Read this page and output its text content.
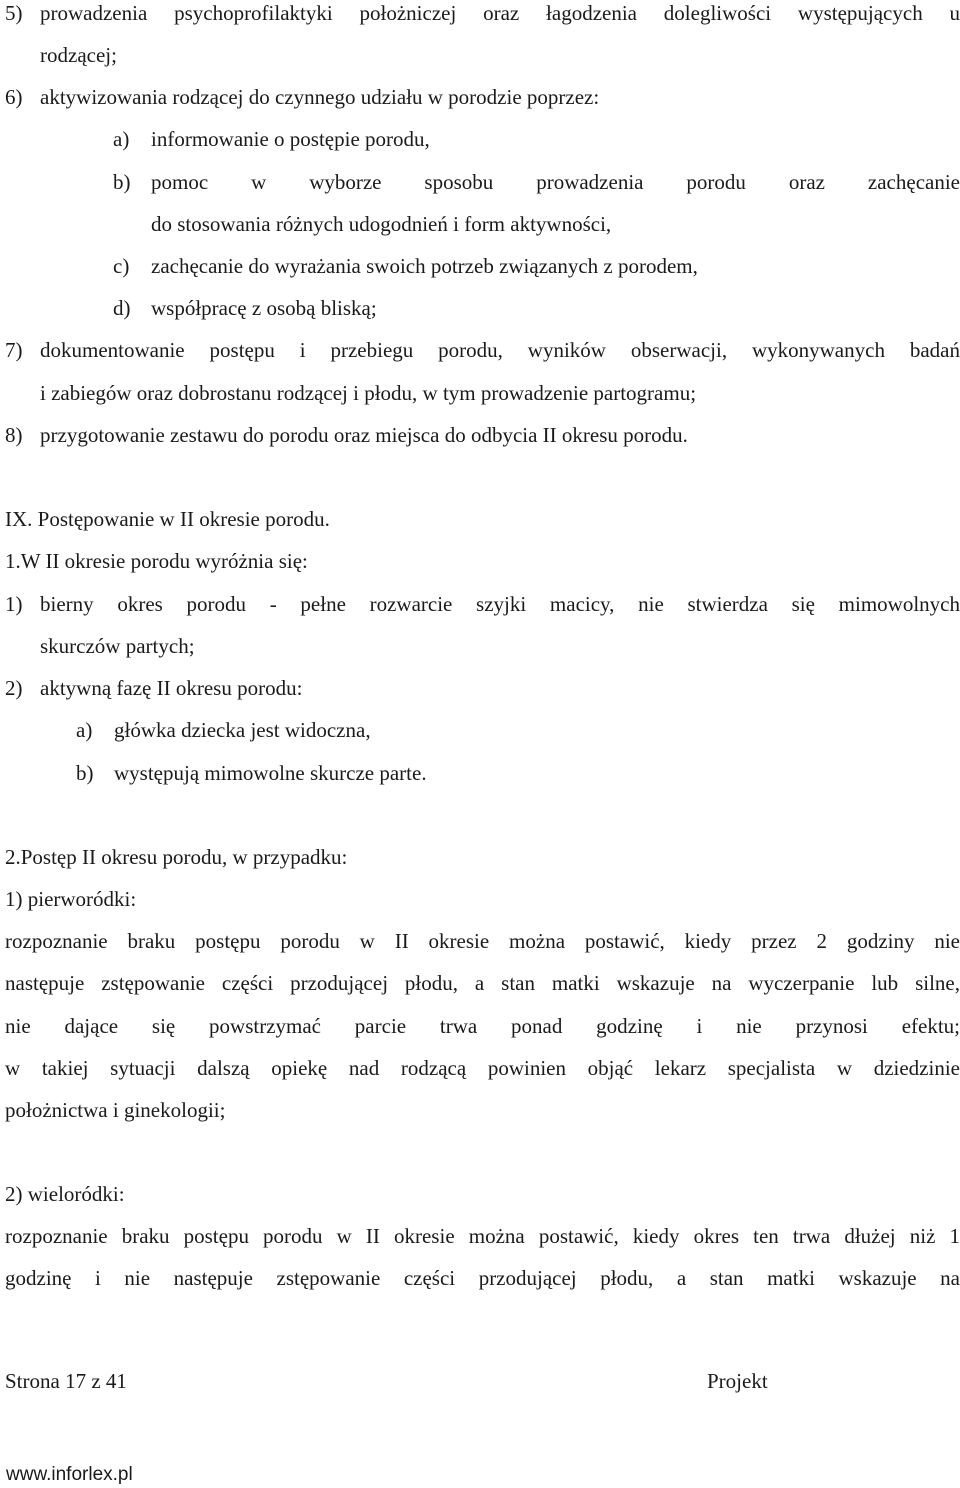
5) prowadzenia psychoprofilaktyki położniczej oraz łagodzenia dolegliwości występujących u
rodzącej;
6) aktywizowania rodzącej do czynnego udziału w porodzie poprzez:
a) informowanie o postępie porodu,
b) pomoc w wyborze sposobu prowadzenia porodu oraz zachęcanie
do stosowania różnych udogodnień i form aktywności,
c) zachęcanie do wyrażania swoich potrzeb związanych z porodem,
d) współpracę z osobą bliską;
7) dokumentowanie postępu i przebiegu porodu, wyników obserwacji, wykonywanych badań
i zabiegów oraz dobrostanu rodzącej i płodu, w tym prowadzenie partogramu;
8) przygotowanie zestawu do porodu oraz miejsca do odbycia II okresu porodu.
IX. Postępowanie w II okresie porodu.
1.W II okresie porodu wyróżnia się:
1) bierny okres porodu - pełne rozwarcie szyjki macicy, nie stwierdza się mimowolnych
skurczów partych;
2) aktywną fazę II okresu porodu:
a) główka dziecka jest widoczna,
b) występują mimowolne skurcze parte.
2.Postęp II okresu porodu, w przypadku:
1) pierworódki:
rozpoznanie braku postępu porodu w II okresie można postawić, kiedy przez 2 godziny nie
następuje zstępowanie części przodującej płodu, a stan matki wskazuje na wyczerpanie lub silne,
nie dające się powstrzymać parcie trwa ponad godzinę i nie przynosi efektu;
w takiej sytuacji dalszą opiekę nad rodzącą powinien objąć lekarz specjalista w dziedzinie
położnictwa i ginekologii;
2) wieloródki:
rozpoznanie braku postępu porodu w II okresie można postawić, kiedy okres ten trwa dłużej niż 1
godzinę i nie następuje zstępowanie części przodującej płodu, a stan matki wskazuje na
Strona 17 z 41	Projekt
www.inforlex.pl
